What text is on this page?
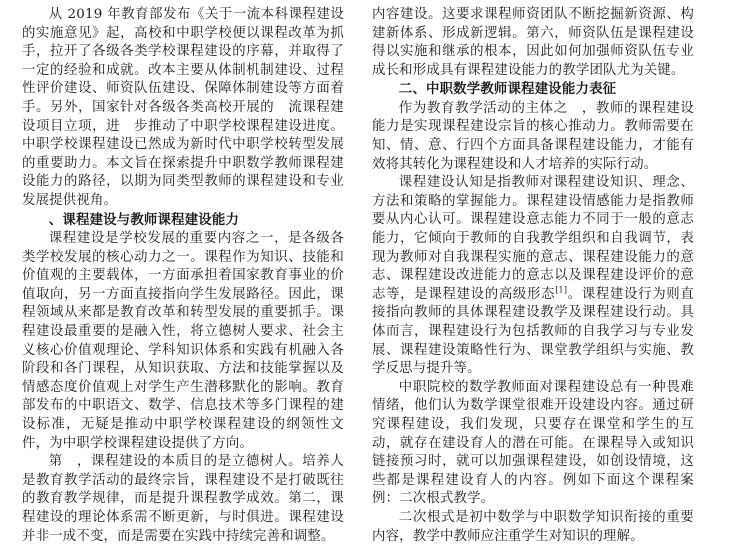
从 2019 年教育部发布《关于一流本科课程建设的实施意见》起，高校和中职学校便以课程改革为抓手，拉开了各级各类学校课程建设的序幕，并取得了一定的经验和成就。改本主要从体制机制建设、过程性评价建设、师资队伍建设、保障体制建设等方面着手。另外，国家针对各级各类高校开展的　流课程建设项目立项，进　步推动了中职学校课程建设进度。中职学校课程建设已然成为新时代中职学校转型发展的重要助力。本文旨在探索提升中职数学教师课程建设能力的路径，以期为同类型教师的课程建设和专业发展提供视角。

、课程建设与教师课程建设能力

课程建设是学校发展的重要内容之一，是各级各类学校发展的核心动力之一。课程作为知识、技能和价值观的主要载体，一方面承担着国家教育事业的价值取向，另一方面直接指向学生发展路径。因此，课程领域从来都是教育改革和转型发展的重要抓手。课程建设最重要的是融入性，将立德树人要求、社会主义核心价值观理论、学科知识体系和实践有机融入各阶段和各门课程，从知识获取、方法和技能掌握以及情感态度价值观上对学生产生潜移默化的影响。教育部发布的中职语文、数学、信息技术等多门课程的建设标准，无疑是推动中职学校课程建设的纲领性文件，为中职学校课程建设提供了方向。

第　，课程建设的本质目的是立德树人。培养人是教育教学活动的最终宗旨，课程建设不是打破既往的教育教学规律，而是提升课程教学成效。第二，课程建设的理论体系需不断更新，与时俱进。课程建设并非一成不变，而是需要在实践中持续完善和调整。

内容建设。这要求课程师资团队不断挖掘新资源、构建新体系、形成新逻辑。第六，师资队伍是课程建设得以实施和继承的根本，因此如何加强师资队伍专业成长和形成具有课程建设能力的教学团队尤为关键。

二、中职数学教师课程建设能力表征

作为教育教学活动的主体之　，教师的课程建设能力是实现课程建设宗旨的核心推动力。教师需要在知、情、意、行四个方面具备课程建设能力，才能有效将其转化为课程建设和人才培养的实际行动。

课程建设认知是指教师对课程建设知识、理念、方法和策略的掌握能力。课程建设情感能力是指教师要从内心认可。课程建设意志能力不同于一般的意志能力，它倾向于教师的自我教学组织和自我调节，表现为教师对自我课程实施的意志、课程建设能力的意志、课程建设改进能力的意志以及课程建设评价的意志等，是课程建设的高级形态[1]。课程建设行为则直接指向教师的具体课程建设教学及课程建设行动。具体而言，课程建设行为包括教师的自我学习与专业发展、课程建设策略性行为、课堂教学组织与实施、教学反思与提升等。

中职院校的数学教师面对课程建设总有一种畏难情绪，他们认为数学课堂很难开设建设内容。通过研究课程建设，我们发现，只要存在课堂和学生的互动，就存在建设育人的潜在可能。在课程导入或知识链接预习时，就可以加强课程建设，如创设情境，这些都是课程建设育人的内容。例如下面这个课程案例：二次根式教学。

二次根式是初中数学与中职数学知识衔接的重要内容，教学中教师应注重学生对知识的理解。
